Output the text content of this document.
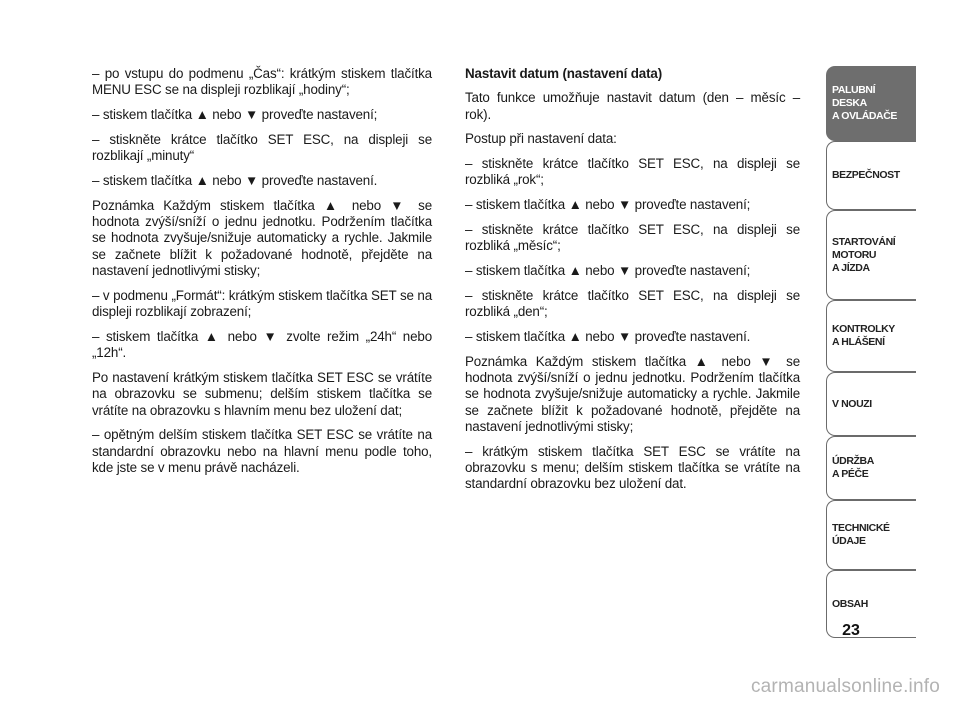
– po vstupu do podmenu „Čas“: krátkým stiskem tlačítka MENU ESC se na displeji rozblikají „hodiny“;

– stiskem tlačítka ▲ nebo ▼ proveďte nastavení;

– stiskněte krátce tlačítko SET ESC, na displeji se rozblikají „minuty“

– stiskem tlačítka ▲ nebo ▼ proveďte nastavení.

Poznámka Každým stiskem tlačítka ▲ nebo ▼ se hodnota zvýší/sníží o jednu jednotku. Podržením tlačítka se hodnota zvyšuje/snižuje automaticky a rychle. Jakmile se začnete blížit k požadované hodnotě, přejděte na nastavení jednotlivými stisky;

– v podmenu „Formát“: krátkým stiskem tlačítka SET se na displeji rozblikají zobrazení;

– stiskem tlačítka ▲ nebo ▼ zvolte režim „24h“ nebo „12h“.

Po nastavení krátkým stiskem tlačítka SET ESC se vrátíte na obrazovku se submenu; delším stiskem tlačítka se vrátíte na obrazovku s hlavním menu bez uložení dat;

– opětným delším stiskem tlačítka SET ESC se vrátíte na standardní obrazovku nebo na hlavní menu podle toho, kde jste se v menu právě nacházeli.

Nastavit datum (nastavení data)

Tato funkce umožňuje nastavit datum (den – měsíc – rok).

Postup při nastavení data:

– stiskněte krátce tlačítko SET ESC, na displeji se rozbliká „rok“;

– stiskem tlačítka ▲ nebo ▼ proveďte nastavení;

– stiskněte krátce tlačítko SET ESC, na displeji se rozbliká „měsíc“;

– stiskem tlačítka ▲ nebo ▼ proveďte nastavení;

– stiskněte krátce tlačítko SET ESC, na displeji se rozbliká „den“;

– stiskem tlačítka ▲ nebo ▼ proveďte nastavení.

Poznámka Každým stiskem tlačítka ▲ nebo ▼ se hodnota zvýší/sníží o jednu jednotku. Podržením tlačítka se hodnota zvyšuje/snižuje automaticky a rychle. Jakmile se začnete blížit k požadované hodnotě, přejděte na nastavení jednotlivými stisky;

– krátkým stiskem tlačítka SET ESC se vrátíte na obrazovku s menu; delším stiskem tlačítka se vrátíte na standardní obrazovku bez uložení dat.

PALUBNÍ DESKA
A OVLÁDAČE
BEZPEČNOST
STARTOVÁNÍ
MOTORU
A JÍZDA
KONTROLKY
A HLÁŠENÍ
V NOUZI
ÚDRŽBA
A PÉČE
TECHNICKÉ
ÚDAJE
OBSAH
23
carmanualsonline.info
